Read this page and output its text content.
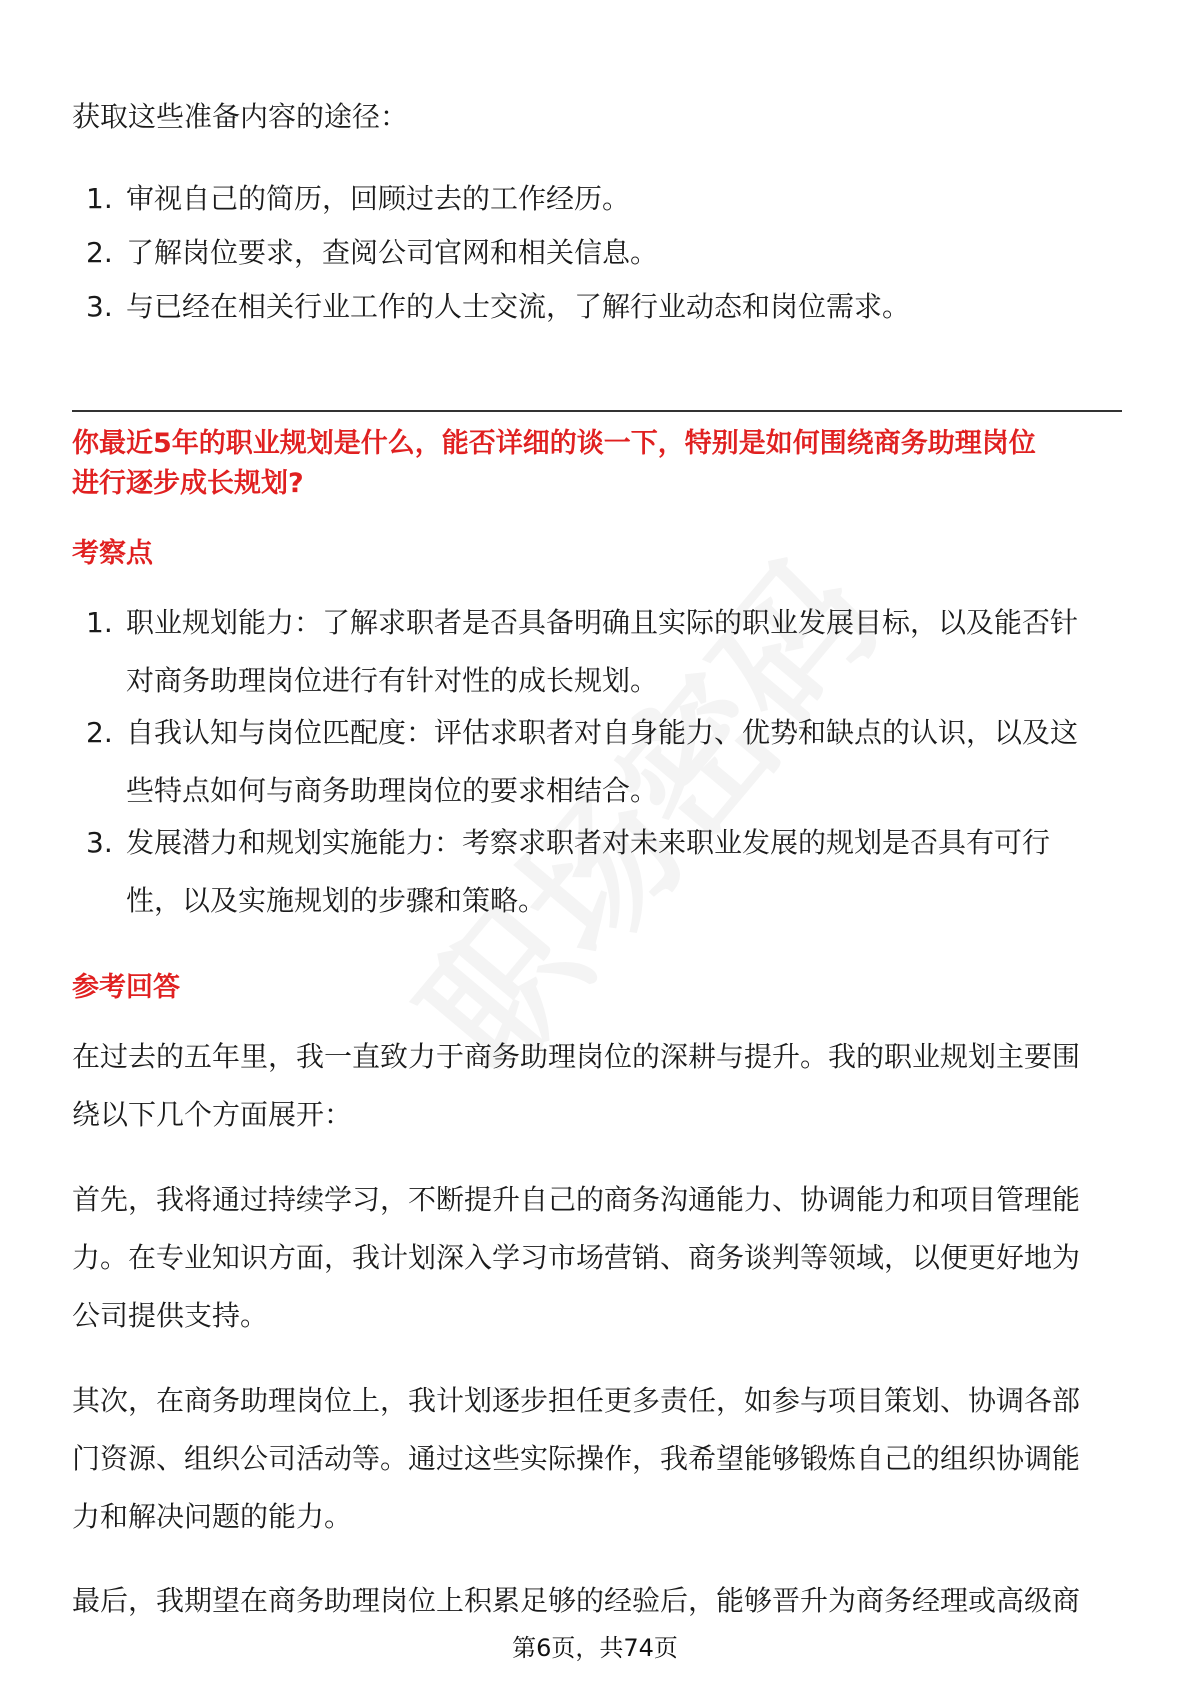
获取这些准备内容的途径：

1. 审视自己的简历，回顾过去的工作经历。
2. 了解岗位要求，查阅公司官网和相关信息。
3. 与已经在相关行业工作的人士交流，了解行业动态和岗位需求。
你最近5年的职业规划是什么，能否详细的谈一下，特别是如何围绕商务助理岗位
进行逐步成长规划?
考察点
1. 职业规划能力：了解求职者是否具备明确且实际的职业发展目标，以及能否针
对商务助理岗位进行有针对性的成长规划。
2. 自我认知与岗位匹配度：评估求职者对自身能力、优势和缺点的认识，以及这
些特点如何与商务助理岗位的要求相结合。
3. 发展潜力和规划实施能力：考察求职者对未来职业发展的规划是否具有可行
性，以及实施规划的步骤和策略。
参考回答
在过去的五年里，我一直致力于商务助理岗位的深耕与提升。我的职业规划主要围
绕以下几个方面展开：
首先，我将通过持续学习，不断提升自己的商务沟通能力、协调能力和项目管理能
力。在专业知识方面，我计划深入学习市场营销、商务谈判等领域，以便更好地为
公司提供支持。
其次，在商务助理岗位上，我计划逐步担任更多责任，如参与项目策划、协调各部
门资源、组织公司活动等。通过这些实际操作，我希望能够锻炼自己的组织协调能
力和解决问题的能力。
最后，我期望在商务助理岗位上积累足够的经验后，能够晋升为商务经理或高级商
第6页，共74页
